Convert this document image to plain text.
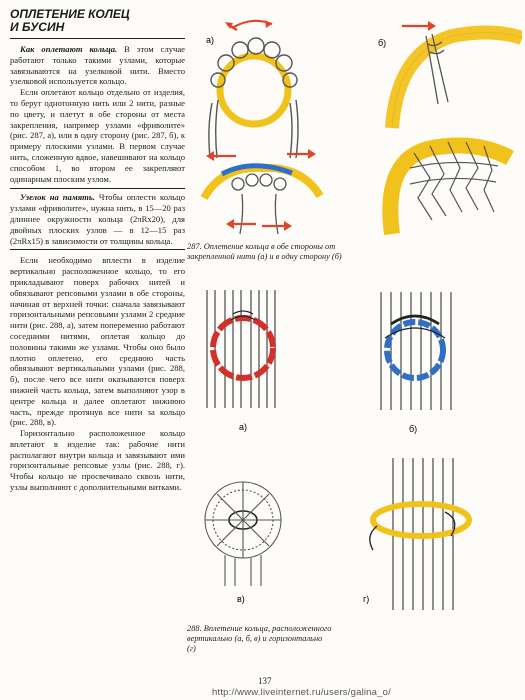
ОПЛЕТЕНИЕ КОЛЕЦ
И БУСИН

Как оплетают кольца. В этом случае работают только такими узлами, которые завязываются на узелковой нити. Вместо узелковой используется кольцо.

Если оплетают кольцо отдельно от изделия, то берут однотонную нить или 2 нити, разные по цвету, и плетут в обе стороны от места закрепления, например узлами «фриволите» (рис. 287, а), или в одну сторону (рис. 287, б), к примеру плоскими узлами. В первом случае нить, сложенную вдвое, навешивают на кольцо способом 1, во втором ее закрепляют одинарным плоским узлом.

Узелок на память. Чтобы оплести кольцо узлами «фриволите», нужна нить, в 15—20 раз длиннее окружности кольца (2πRx20), для двойных плоских узлов — в 12—15 раз (2πRx15) в зависимости от толщины кольца.

Если необходимо вплести в изделие вертикально расположенное кольцо, то его прикладывают поверх рабочих нитей и обвязывают репсовыми узлами в обе стороны, начиная от верхней точки: сначала завязывают горизонтальными репсовыми узлами 2 средние нити (рис. 288, а), затем попеременно работают соседними нитями, оплетая кольцо до половины такими же узлами. Чтобы оно было плотно оплетено, его среднюю часть обвязывают вертикальными узлами (рис. 288, б), после чего все нити оказываются поверх нижней часть кольца, затем выполняют узор в центре кольца и далее оплетают нижнюю часть, прежде протянув все нити за кольцо (рис. 288, в).

Горизонтально расположенное кольцо вплетают в изделие так: рабочие нити располагают внутри кольца и завязывают ими горизонтальные репсовые узлы (рис. 288, г). Чтобы кольцо не просвечивало сквозь нити, узлы выполняют с дополнительными витками.

а)	б)
287. Оплетение кольца в обе стороны от закрепленной нити (а) и в одну сторону (б)
а)	б)
в)	г)
288. Вплетение кольца, расположенного вертикально (а, б, в) и горизонтально (г)
137
http://www.liveinternet.ru/users/galina_o/
